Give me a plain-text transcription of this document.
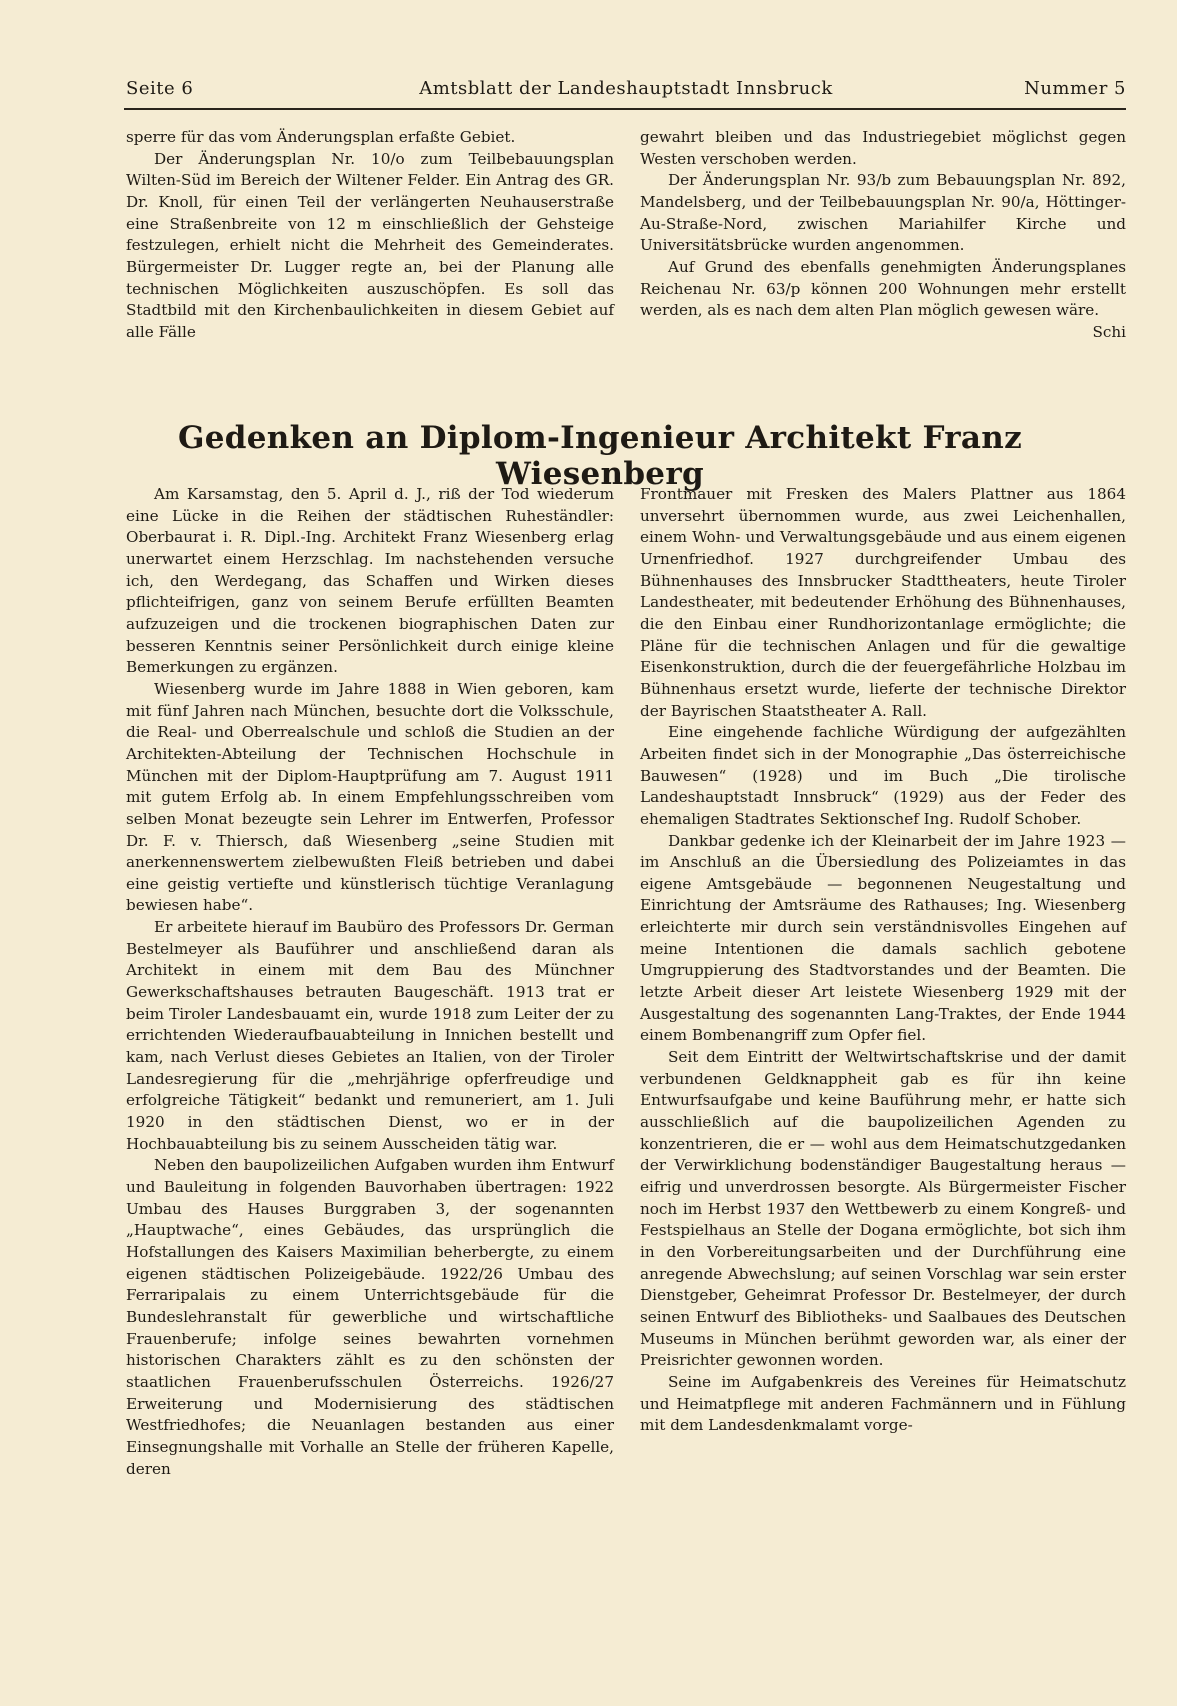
Seite 6	Amtsblatt der Landeshauptstadt Innsbruck	Nummer 5

sperre für das vom Änderungsplan erfaßte Gebiet.

Der Änderungsplan Nr. 10/o zum Teilbebauungsplan Wilten-Süd im Bereich der Wiltener Felder. Ein Antrag des GR. Dr. Knoll, für einen Teil der verlängerten Neuhauserstraße eine Straßenbreite von 12 m einschließlich der Gehsteige festzulegen, erhielt nicht die Mehrheit des Gemeinderates. Bürgermeister Dr. Lugger regte an, bei der Planung alle technischen Möglichkeiten auszuschöpfen. Es soll das Stadtbild mit den Kirchenbaulichkeiten in diesem Gebiet auf alle Fälle

gewahrt bleiben und das Industriegebiet möglichst gegen Westen verschoben werden.

Der Änderungsplan Nr. 93/b zum Bebauungsplan Nr. 892, Mandelsberg, und der Teilbebauungsplan Nr. 90/a, Höttinger-Au-Straße-Nord, zwischen Mariahilfer Kirche und Universitätsbrücke wurden angenommen.

Auf Grund des ebenfalls genehmigten Änderungsplanes Reichenau Nr. 63/p können 200 Wohnungen mehr erstellt werden, als es nach dem alten Plan möglich gewesen wäre.
Schi

Gedenken an Diplom-Ingenieur Architekt Franz Wiesenberg

Am Karsamstag, den 5. April d. J., riß der Tod wiederum eine Lücke in die Reihen der städtischen Ruheständler: Oberbaurat i. R. Dipl.-Ing. Architekt Franz Wiesenberg erlag unerwartet einem Herzschlag. Im nachstehenden versuche ich, den Werdegang, das Schaffen und Wirken dieses pflichteifrigen, ganz von seinem Berufe erfüllten Beamten aufzuzeigen und die trockenen biographischen Daten zur besseren Kenntnis seiner Persönlichkeit durch einige kleine Bemerkungen zu ergänzen.

Wiesenberg wurde im Jahre 1888 in Wien geboren, kam mit fünf Jahren nach München, besuchte dort die Volksschule, die Real- und Oberrealschule und schloß die Studien an der Architekten-Abteilung der Technischen Hochschule in München mit der Diplom-Hauptprüfung am 7. August 1911 mit gutem Erfolg ab. In einem Empfehlungsschreiben vom selben Monat bezeugte sein Lehrer im Entwerfen, Professor Dr. F. v. Thiersch, daß Wiesenberg „seine Studien mit anerkennenswertem zielbewußten Fleiß betrieben und dabei eine geistig vertiefte und künstlerisch tüchtige Veranlagung bewiesen habe“.

Er arbeitete hierauf im Baubüro des Professors Dr. German Bestelmeyer als Bauführer und anschließend daran als Architekt in einem mit dem Bau des Münchner Gewerkschaftshauses betrauten Baugeschäft. 1913 trat er beim Tiroler Landesbauamt ein, wurde 1918 zum Leiter der zu errichtenden Wiederaufbauabteilung in Innichen bestellt und kam, nach Verlust dieses Gebietes an Italien, von der Tiroler Landesregierung für die „mehrjährige opferfreudige und erfolgreiche Tätigkeit“ bedankt und remuneriert, am 1. Juli 1920 in den städtischen Dienst, wo er in der Hochbauabteilung bis zu seinem Ausscheiden tätig war.

Neben den baupolizeilichen Aufgaben wurden ihm Entwurf und Bauleitung in folgenden Bauvorhaben übertragen: 1922 Umbau des Hauses Burggraben 3, der sogenannten „Hauptwache“, eines Gebäudes, das ursprünglich die Hofstallungen des Kaisers Maximilian beherbergte, zu einem eigenen städtischen Polizeigebäude. 1922/26 Umbau des Ferraripalais zu einem Unterrichtsgebäude für die Bundeslehranstalt für gewerbliche und wirtschaftliche Frauenberufe; infolge seines bewahrten vornehmen historischen Charakters zählt es zu den schönsten der staatlichen Frauenberufsschulen Österreichs. 1926/27 Erweiterung und Modernisierung des städtischen Westfriedhofes; die Neuanlagen bestanden aus einer Einsegnungshalle mit Vorhalle an Stelle der früheren Kapelle, deren

Frontmauer mit Fresken des Malers Plattner aus 1864 unversehrt übernommen wurde, aus zwei Leichenhallen, einem Wohn- und Verwaltungsgebäude und aus einem eigenen Urnenfriedhof. 1927 durchgreifender Umbau des Bühnenhauses des Innsbrucker Stadttheaters, heute Tiroler Landestheater, mit bedeutender Erhöhung des Bühnenhauses, die den Einbau einer Rundhorizontanlage ermöglichte; die Pläne für die technischen Anlagen und für die gewaltige Eisenkonstruktion, durch die der feuergefährliche Holzbau im Bühnenhaus ersetzt wurde, lieferte der technische Direktor der Bayrischen Staatstheater A. Rall.

Eine eingehende fachliche Würdigung der aufgezählten Arbeiten findet sich in der Monographie „Das österreichische Bauwesen“ (1928) und im Buch „Die tirolische Landeshauptstadt Innsbruck“ (1929) aus der Feder des ehemaligen Stadtrates Sektionschef Ing. Rudolf Schober.

Dankbar gedenke ich der Kleinarbeit der im Jahre 1923 — im Anschluß an die Übersiedlung des Polizeiamtes in das eigene Amtsgebäude — begonnenen Neugestaltung und Einrichtung der Amtsräume des Rathauses; Ing. Wiesenberg erleichterte mir durch sein verständnisvolles Eingehen auf meine Intentionen die damals sachlich gebotene Umgruppierung des Stadtvorstandes und der Beamten. Die letzte Arbeit dieser Art leistete Wiesenberg 1929 mit der Ausgestaltung des sogenannten Lang-Traktes, der Ende 1944 einem Bombenangriff zum Opfer fiel.

Seit dem Eintritt der Weltwirtschaftskrise und der damit verbundenen Geldknappheit gab es für ihn keine Entwurfsaufgabe und keine Bauführung mehr, er hatte sich ausschließlich auf die baupolizeilichen Agenden zu konzentrieren, die er — wohl aus dem Heimatschutzgedanken der Verwirklichung bodenständiger Baugestaltung heraus — eifrig und unverdrossen besorgte. Als Bürgermeister Fischer noch im Herbst 1937 den Wettbewerb zu einem Kongreß- und Festspielhaus an Stelle der Dogana ermöglichte, bot sich ihm in den Vorbereitungsarbeiten und der Durchführung eine anregende Abwechslung; auf seinen Vorschlag war sein erster Dienstgeber, Geheimrat Professor Dr. Bestelmeyer, der durch seinen Entwurf des Bibliotheks- und Saalbaues des Deutschen Museums in München berühmt geworden war, als einer der Preisrichter gewonnen worden.

Seine im Aufgabenkreis des Vereines für Heimatschutz und Heimatpflege mit anderen Fachmännern und in Fühlung mit dem Landesdenkmalamt vorge-
